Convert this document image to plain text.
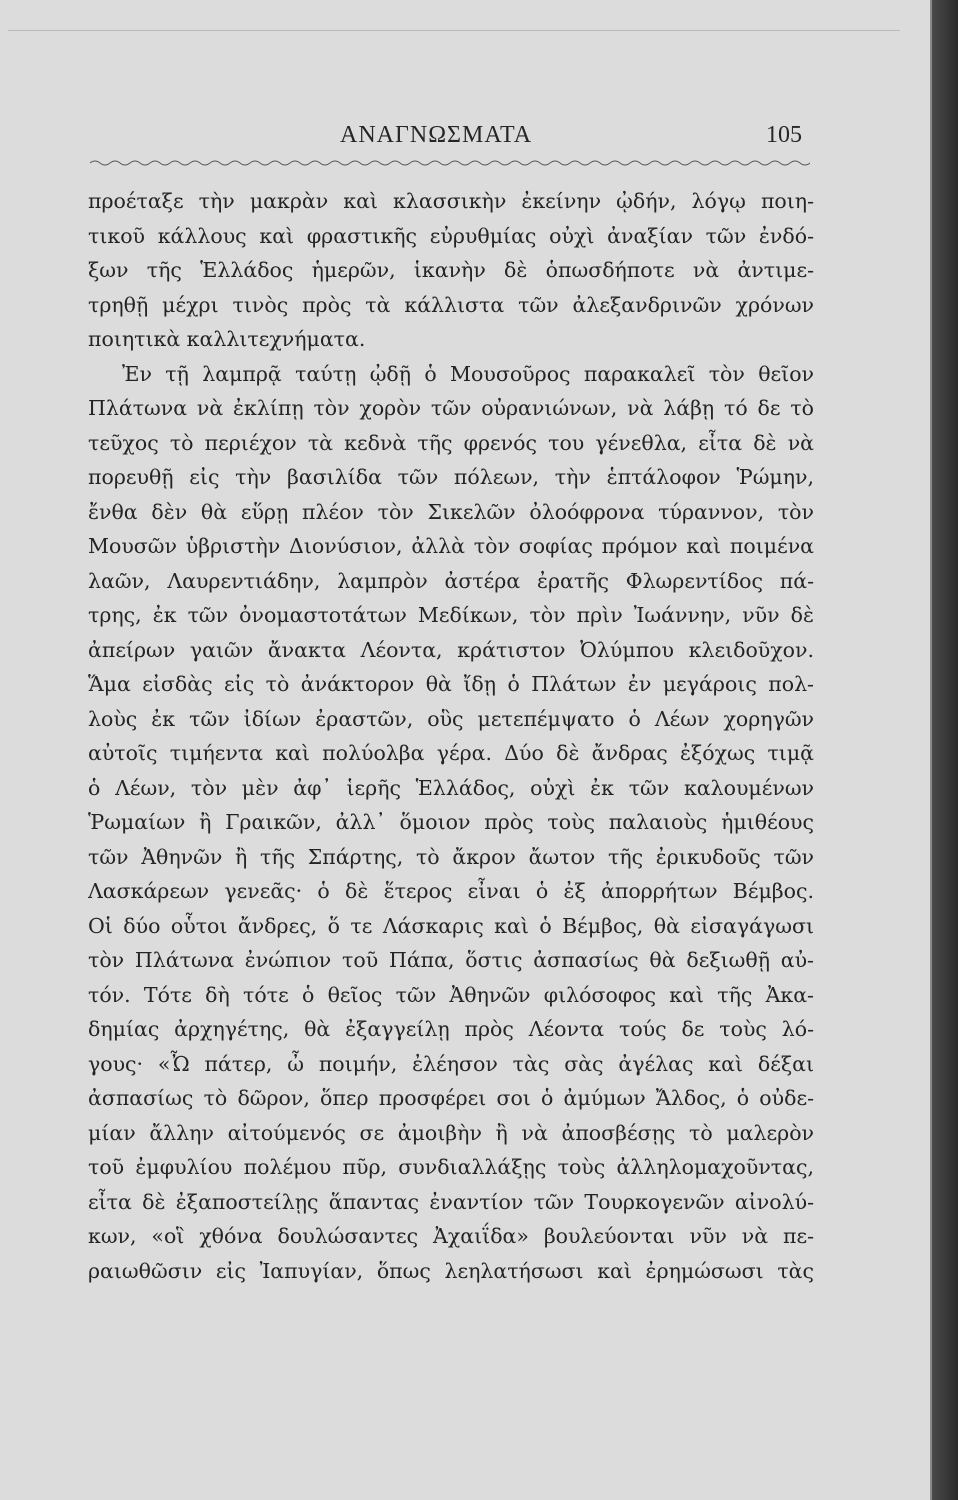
ΑΝΑΓΝΩΣΜΑΤΑ	105
προέταξε τὴν μακρὰν καὶ κλασσικὴν ἐκείνην ᾠδήν, λόγῳ ποιη-
τικοῦ κάλλους καὶ φραστικῆς εὐρυθμίας οὐχὶ ἀναξίαν τῶν ἐνδό-
ξων τῆς Ἑλλάδος ἡμερῶν, ἱκανὴν δὲ ὁπωσδήποτε νὰ ἀντιμε-
τρηθῇ μέχρι τινὸς πρὸς τὰ κάλλιστα τῶν ἀλεξανδρινῶν χρόνων
ποιητικὰ καλλιτεχνήματα.
Ἐν τῇ λαμπρᾷ ταύτῃ ᾠδῇ ὁ Μουσοῦρος παρακαλεῖ τὸν θεῖον
Πλάτωνα νὰ ἐκλίπῃ τὸν χορὸν τῶν οὐρανιώνων, νὰ λάβῃ τό δε τὸ
τεῦχος τὸ περιέχον τὰ κεδνὰ τῆς φρενός του γένεθλα, εἶτα δὲ νὰ
πορευθῇ εἰς τὴν βασιλίδα τῶν πόλεων, τὴν ἑπτάλοφον Ῥώμην,
ἔνθα δὲν θὰ εὕρῃ πλέον τὸν Σικελῶν ὀλοόφρονα τύραννον, τὸν
Μουσῶν ὑβριστὴν Διονύσιον, ἀλλὰ τὸν σοφίας πρόμον καὶ ποιμένα
λαῶν, Λαυρεντιάδην, λαμπρὸν ἀστέρα ἐρατῆς Φλωρεντίδος πά-
τρης, ἐκ τῶν ὀνομαστοτάτων Μεδίκων, τὸν πρὶν Ἰωάννην, νῦν δὲ
ἀπείρων γαιῶν ἄνακτα Λέοντα, κράτιστον Ὀλύμπου κλειδοῦχον.
Ἅμα εἰσδὰς εἰς τὸ ἀνάκτορον θὰ ἴδῃ ὁ Πλάτων ἐν μεγάροις πολ-
λοὺς ἐκ τῶν ἰδίων ἐραστῶν, οὓς μετεπέμψατο ὁ Λέων χορηγῶν
αὐτοῖς τιμήεντα καὶ πολύολβα γέρα. Δύο δὲ ἄνδρας ἐξόχως τιμᾷ
ὁ Λέων, τὸν μὲν ἀφ᾽ ἱερῆς Ἑλλάδος, οὐχὶ ἐκ τῶν καλουμένων
Ῥωμαίων ἢ Γραικῶν, ἀλλ᾽ ὅμοιον πρὸς τοὺς παλαιοὺς ἡμιθέους
τῶν Ἀθηνῶν ἢ τῆς Σπάρτης, τὸ ἄκρον ἄωτον τῆς ἐρικυδοῦς τῶν
Λασκάρεων γενεᾶς· ὁ δὲ ἕτερος εἶναι ὁ ἐξ ἀπορρήτων Βέμβος.
Οἱ δύο οὗτοι ἄνδρες, ὅ τε Λάσκαρις καὶ ὁ Βέμβος, θὰ εἰσαγάγωσι
τὸν Πλάτωνα ἐνώπιον τοῦ Πάπα, ὅστις ἀσπασίως θὰ δεξιωθῇ αὐ-
τόν. Τότε δὴ τότε ὁ θεῖος τῶν Ἀθηνῶν φιλόσοφος καὶ τῆς Ἀκα-
δημίας ἀρχηγέτης, θὰ ἐξαγγείλῃ πρὸς Λέοντα τούς δε τοὺς λό-
γους· «Ὦ πάτερ, ὦ ποιμήν, ἐλέησον τὰς σὰς ἀγέλας καὶ δέξαι
ἀσπασίως τὸ δῶρον, ὅπερ προσφέρει σοι ὁ ἀμύμων Ἄλδος, ὁ οὐδε-
μίαν ἄλλην αἰτούμενός σε ἀμοιβὴν ἢ νὰ ἀποσβέσῃς τὸ μαλερὸν
τοῦ ἐμφυλίου πολέμου πῦρ, συνδιαλλάξῃς τοὺς ἀλληλομαχοῦντας,
εἶτα δὲ ἐξαποστείλῃς ἅπαντας ἐναντίον τῶν Τουρκογενῶν αἰνολύ-
κων, «οἳ χθόνα δουλώσαντες Ἀχαιΐδα» βουλεύονται νῦν νὰ πε-
ραιωθῶσιν εἰς Ἰαπυγίαν, ὅπως λεηλατήσωσι καὶ ἐρημώσωσι τὰς
